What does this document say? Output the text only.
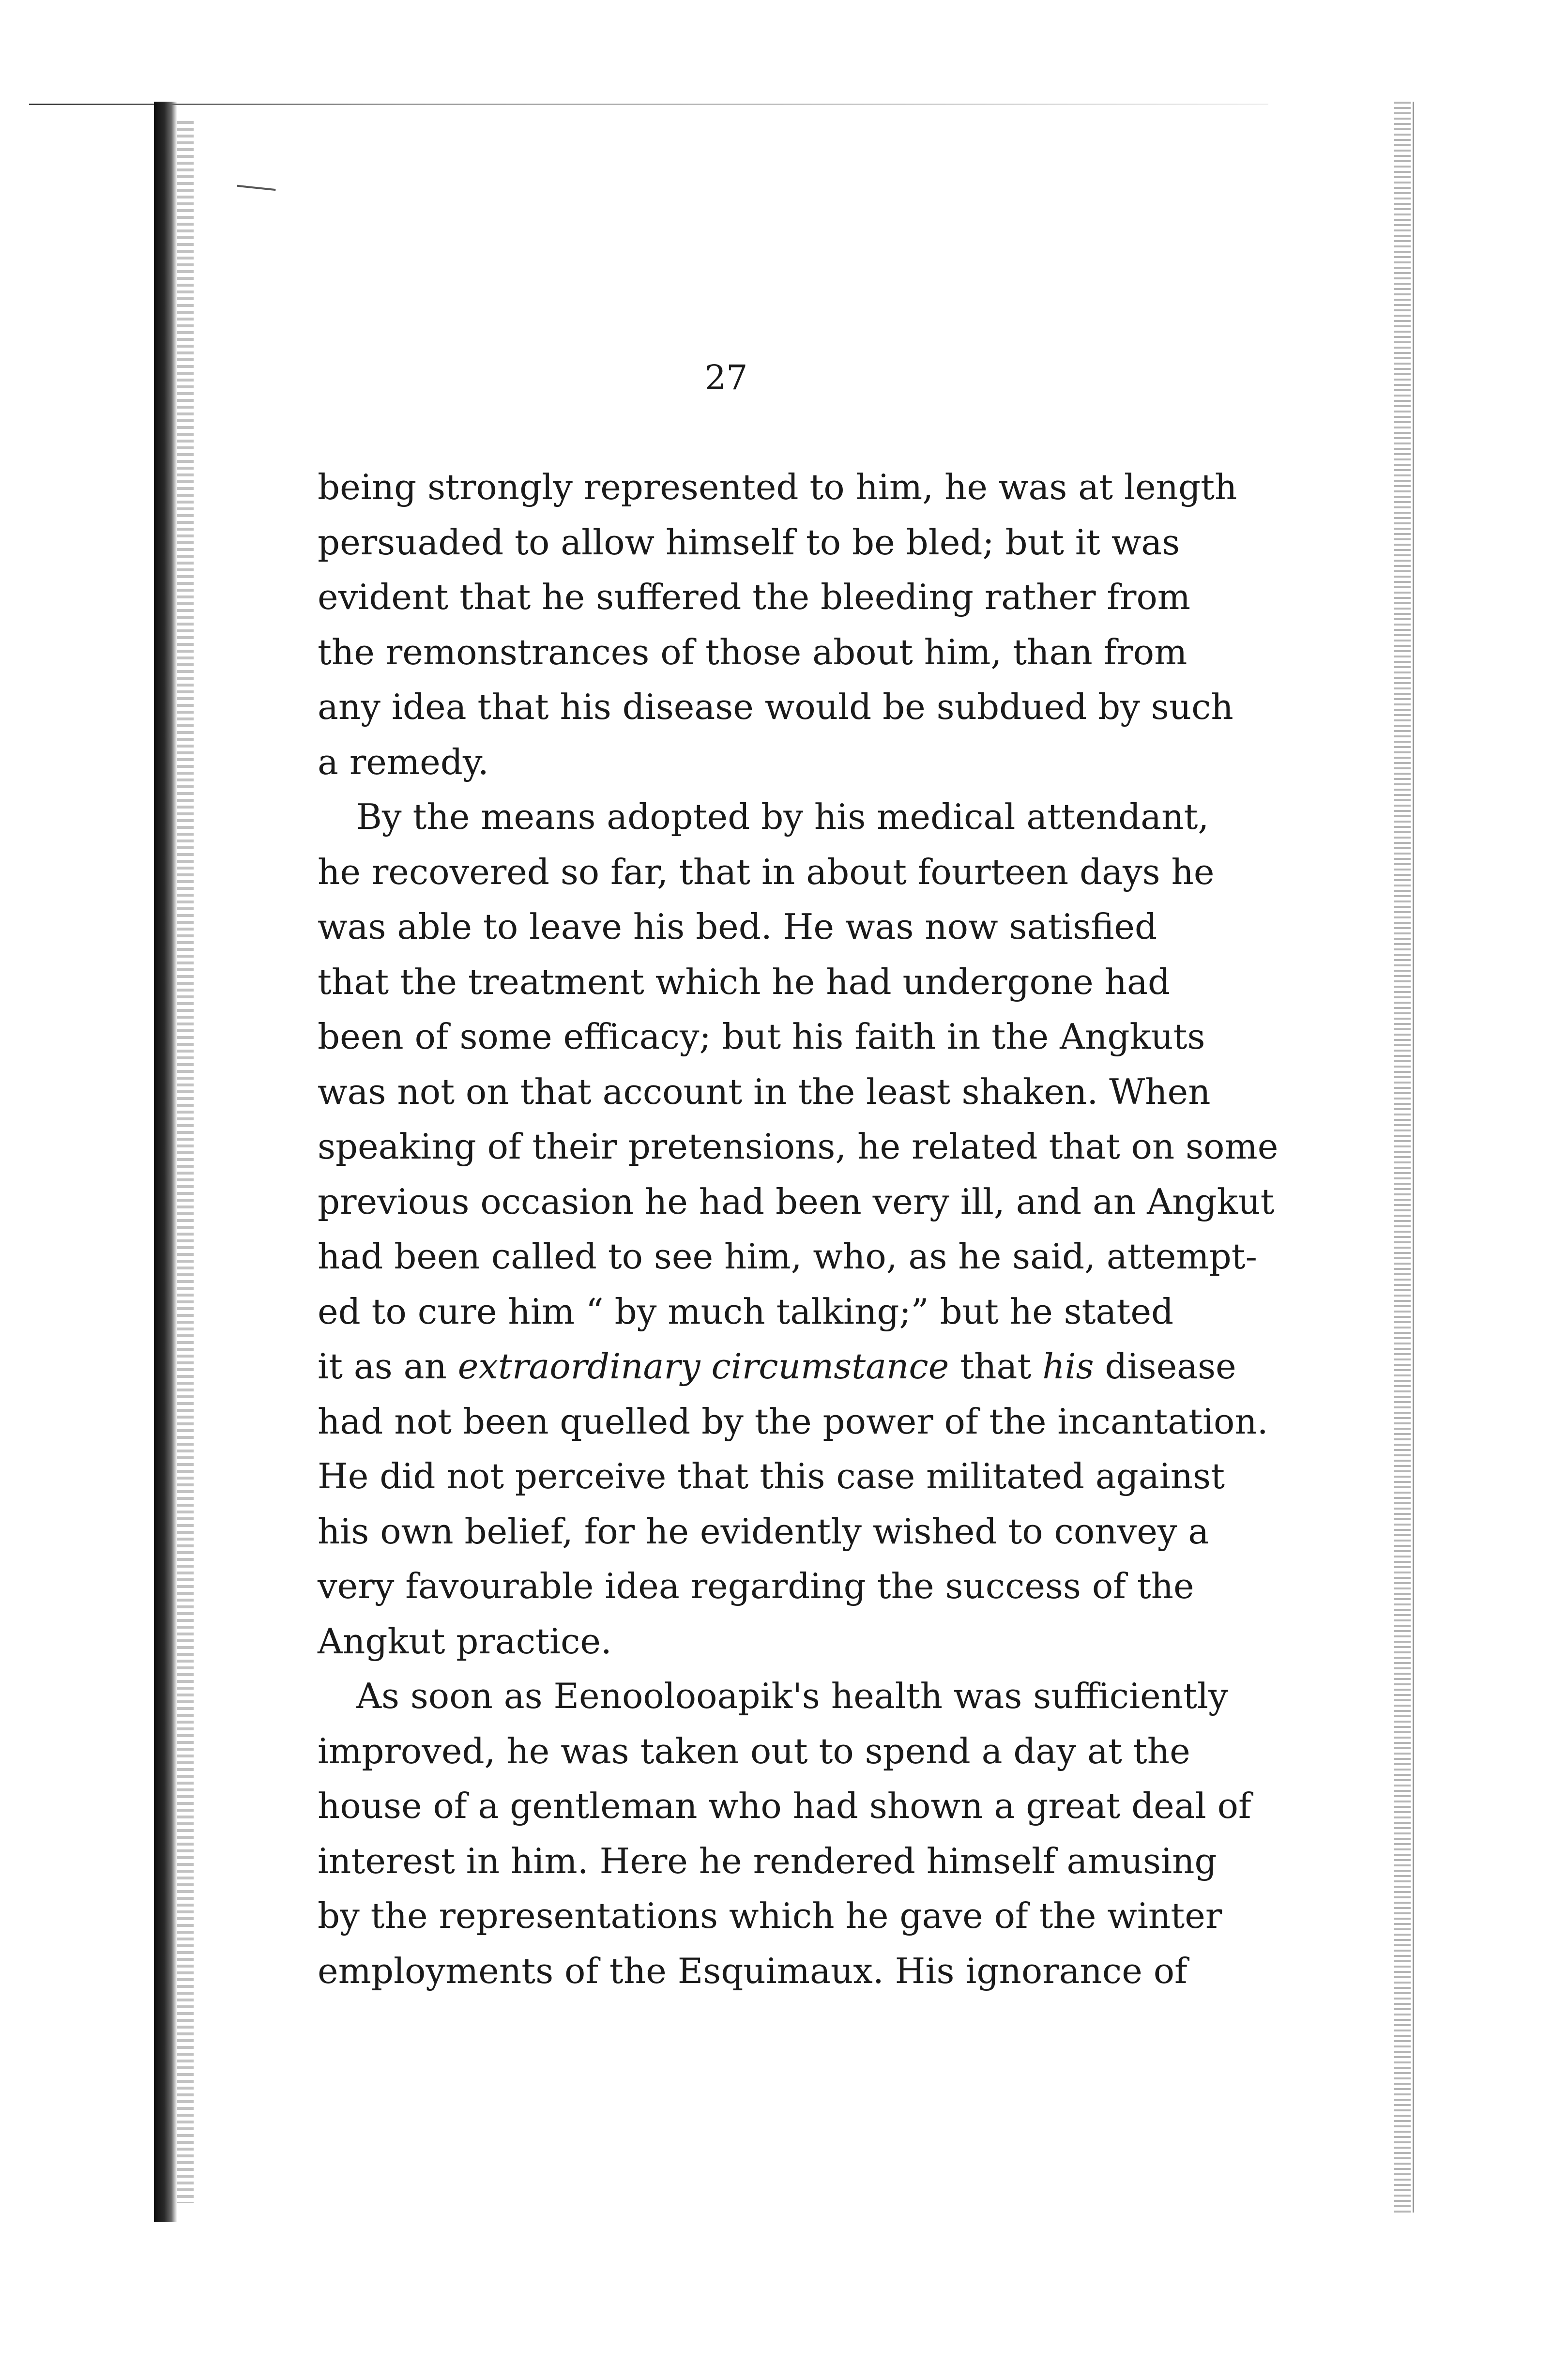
27
being strongly represented to him, he was at length
persuaded to allow himself to be bled; but it was
evident that he suffered the bleeding rather from
the remonstrances of those about him, than from
any idea that his disease would be subdued by such
a remedy.
By the means adopted by his medical attendant,
he recovered so far, that in about fourteen days he
was able to leave his bed. He was now satisfied
that the treatment which he had undergone had
been of some efficacy; but his faith in the Angkuts
was not on that account in the least shaken. When
speaking of their pretensions, he related that on some
previous occasion he had been very ill, and an Angkut
had been called to see him, who, as he said, attempt-
ed to cure him “ by much talking;” but he stated
it as an extraordinary circumstance that his disease
had not been quelled by the power of the incantation.
He did not perceive that this case militated against
his own belief, for he evidently wished to convey a
very favourable idea regarding the success of the
Angkut practice.
As soon as Eenoolooapik's health was sufficiently
improved, he was taken out to spend a day at the
house of a gentleman who had shown a great deal of
interest in him. Here he rendered himself amusing
by the representations which he gave of the winter
employments of the Esquimaux. His ignorance of
